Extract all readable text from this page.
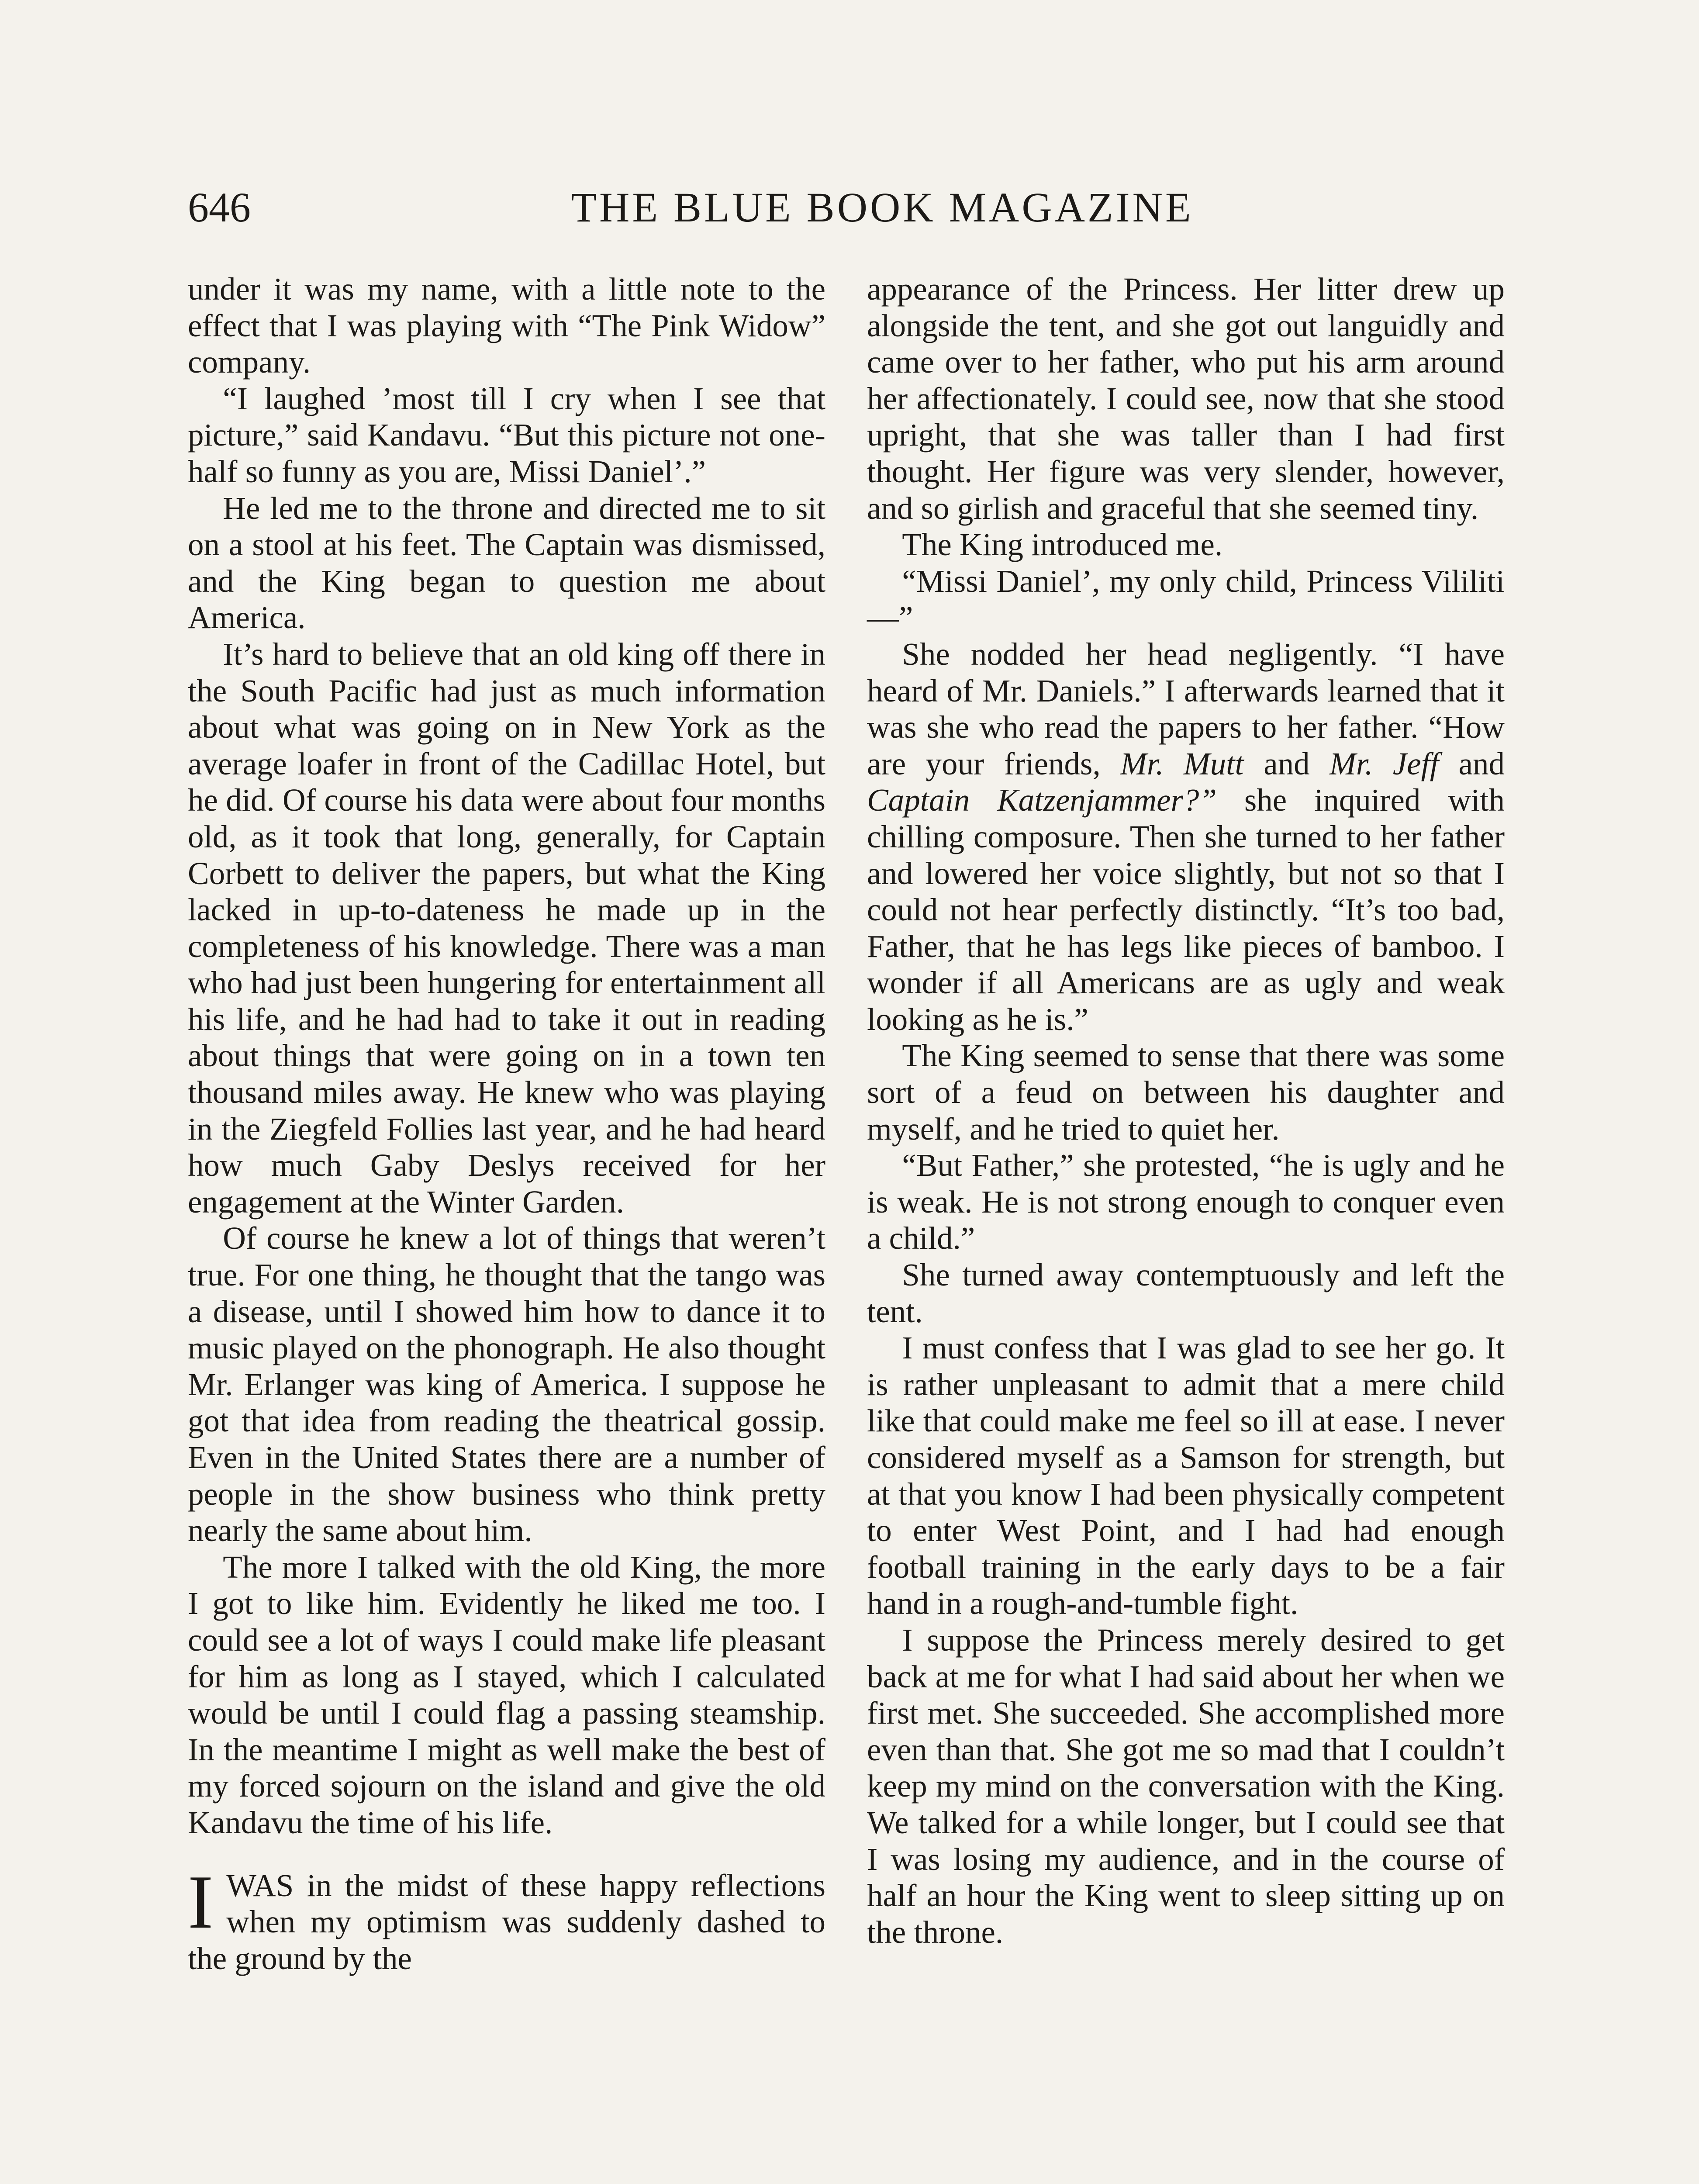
646	THE BLUE BOOK MAGAZINE

under it was my name, with a little note to the effect that I was playing with “The Pink Widow” company.

“I laughed ’most till I cry when I see that picture,” said Kandavu. “But this picture not one-half so funny as you are, Missi Daniel’.”

He led me to the throne and directed me to sit on a stool at his feet. The Captain was dismissed, and the King began to question me about America.

It’s hard to believe that an old king off there in the South Pacific had just as much information about what was going on in New York as the average loafer in front of the Cadillac Hotel, but he did. Of course his data were about four months old, as it took that long, generally, for Captain Corbett to deliver the papers, but what the King lacked in up-to-dateness he made up in the completeness of his knowledge. There was a man who had just been hungering for entertainment all his life, and he had had to take it out in reading about things that were going on in a town ten thousand miles away. He knew who was playing in the Ziegfeld Follies last year, and he had heard how much Gaby Deslys received for her engagement at the Winter Garden.

Of course he knew a lot of things that weren’t true. For one thing, he thought that the tango was a disease, until I showed him how to dance it to music played on the phonograph. He also thought Mr. Erlanger was king of America. I suppose he got that idea from reading the theatrical gossip. Even in the United States there are a number of people in the show business who think pretty nearly the same about him.

The more I talked with the old King, the more I got to like him. Evidently he liked me too. I could see a lot of ways I could make life pleasant for him as long as I stayed, which I calculated would be until I could flag a passing steamship. In the meantime I might as well make the best of my forced sojourn on the island and give the old Kandavu the time of his life.

IWAS in the midst of these happy reflections when my optimism was suddenly dashed to the ground by the

appearance of the Princess. Her litter drew up alongside the tent, and she got out languidly and came over to her father, who put his arm around her affectionately. I could see, now that she stood upright, that she was taller than I had first thought. Her figure was very slender, however, and so girlish and graceful that she seemed tiny.

The King introduced me.

“Missi Daniel’, my only child, Princess Vililiti—”

She nodded her head negligently. “I have heard of Mr. Daniels.” I afterwards learned that it was she who read the papers to her father. “How are your friends, Mr. Mutt and Mr. Jeff and Captain Katzenjammer?” she inquired with chilling composure. Then she turned to her father and lowered her voice slightly, but not so that I could not hear perfectly distinctly. “It’s too bad, Father, that he has legs like pieces of bamboo. I wonder if all Americans are as ugly and weak looking as he is.”

The King seemed to sense that there was some sort of a feud on between his daughter and myself, and he tried to quiet her.

“But Father,” she protested, “he is ugly and he is weak. He is not strong enough to conquer even a child.”

She turned away contemptuously and left the tent.

I must confess that I was glad to see her go. It is rather unpleasant to admit that a mere child like that could make me feel so ill at ease. I never considered myself as a Samson for strength, but at that you know I had been physically competent to enter West Point, and I had had enough football training in the early days to be a fair hand in a rough-and-tumble fight.

I suppose the Princess merely desired to get back at me for what I had said about her when we first met. She succeeded. She accomplished more even than that. She got me so mad that I couldn’t keep my mind on the conversation with the King. We talked for a while longer, but I could see that I was losing my audience, and in the course of half an hour the King went to sleep sitting up on the throne.
